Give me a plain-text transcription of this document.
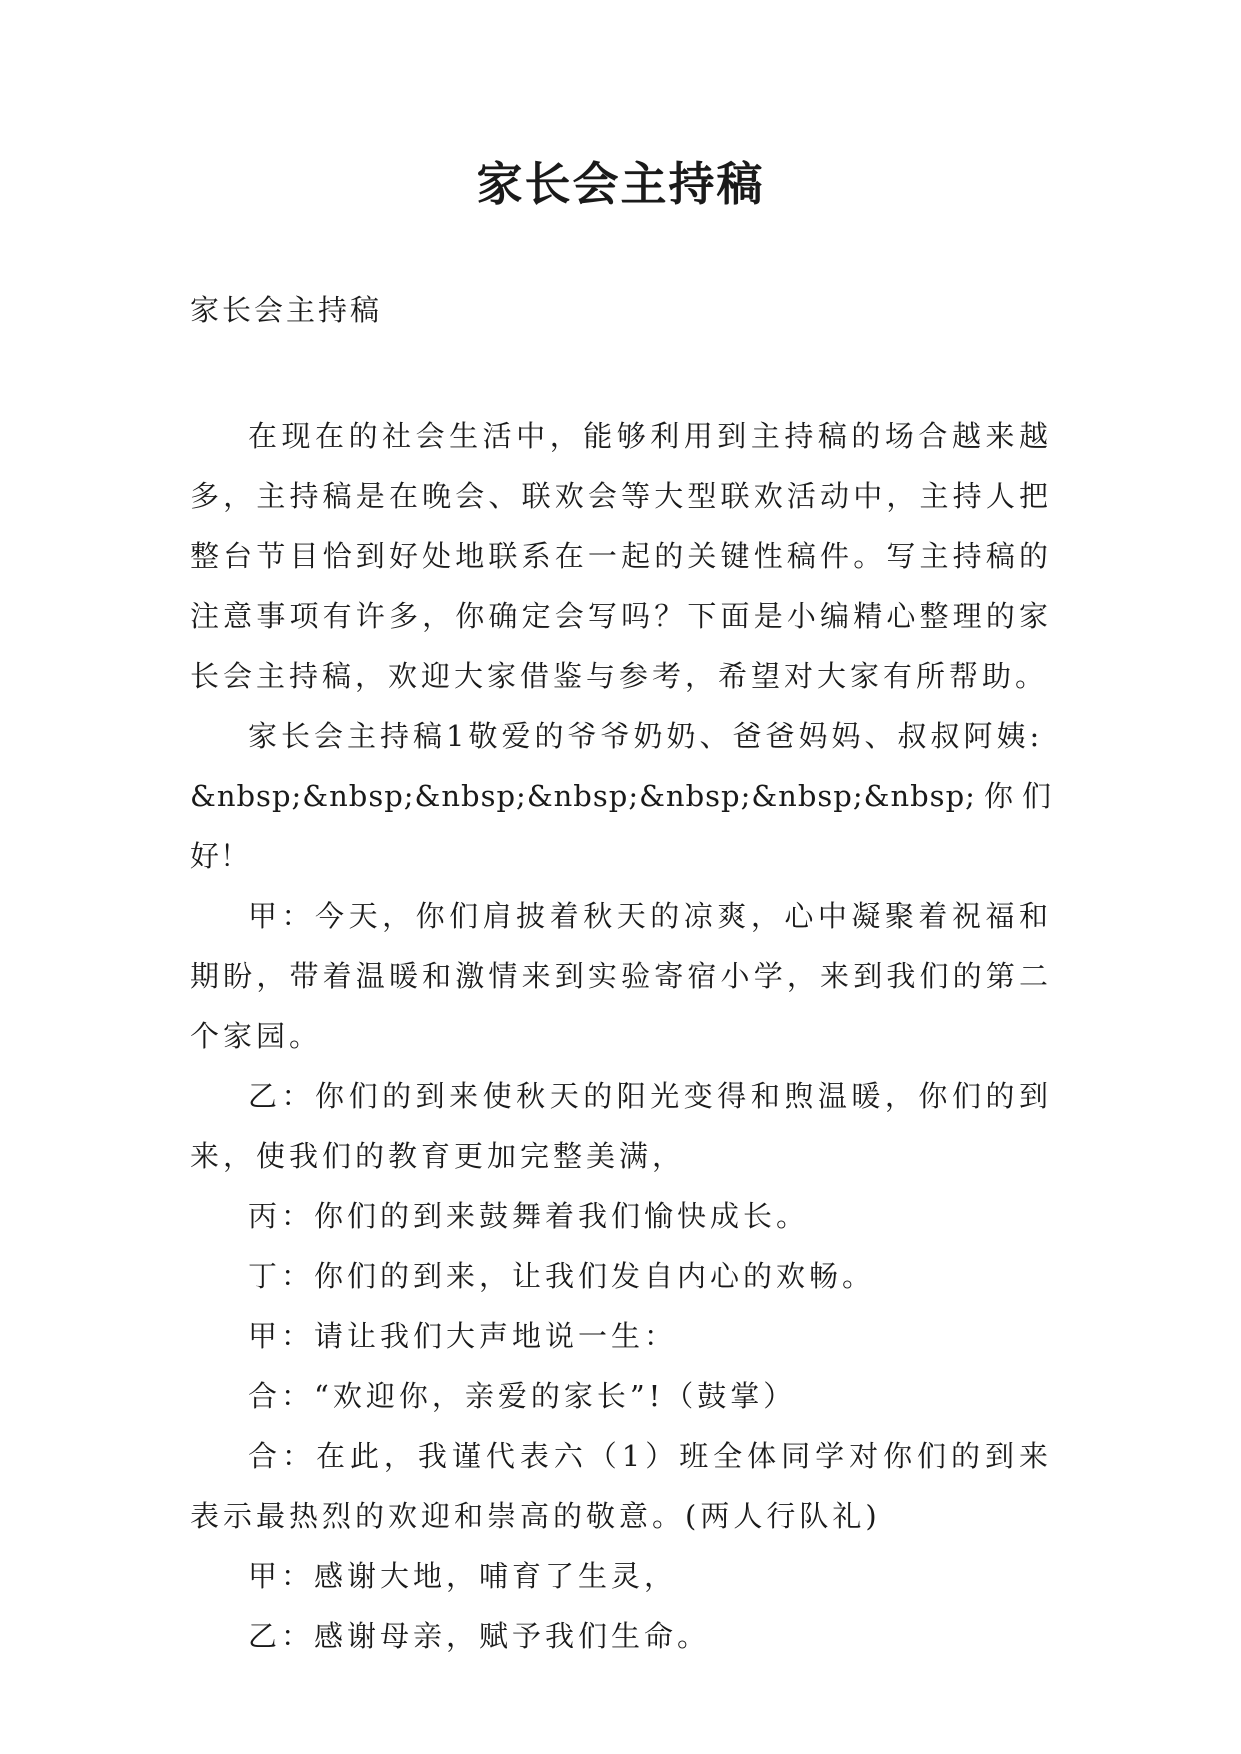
家长会主持稿
家长会主持稿

在现在的社会生活中，能够利用到主持稿的场合越来越多，主持稿是在晚会、联欢会等大型联欢活动中，主持人把整台节目恰到好处地联系在一起的关键性稿件。写主持稿的注意事项有许多，你确定会写吗？下面是小编精心整理的家长会主持稿，欢迎大家借鉴与参考，希望对大家有所帮助。

家长会主持稿1敬爱的爷爷奶奶、爸爸妈妈、叔叔阿姨:

&nbsp;&nbsp;&nbsp;&nbsp;&nbsp;&nbsp;&nbsp;你们好！

甲：今天，你们肩披着秋天的凉爽，心中凝聚着祝福和期盼，带着温暖和激情来到实验寄宿小学，来到我们的第二个家园。

乙：你们的到来使秋天的阳光变得和煦温暖，你们的到来，使我们的教育更加完整美满，

丙：你们的到来鼓舞着我们愉快成长。

丁：你们的到来，让我们发自内心的欢畅。

甲：请让我们大声地说一生：

合：“欢迎你，亲爱的家长”!（鼓掌）

合：在此，我谨代表六（1）班全体同学对你们的到来表示最热烈的欢迎和崇高的敬意。(两人行队礼)

甲：感谢大地，哺育了生灵，

乙：感谢母亲，赋予我们生命。
